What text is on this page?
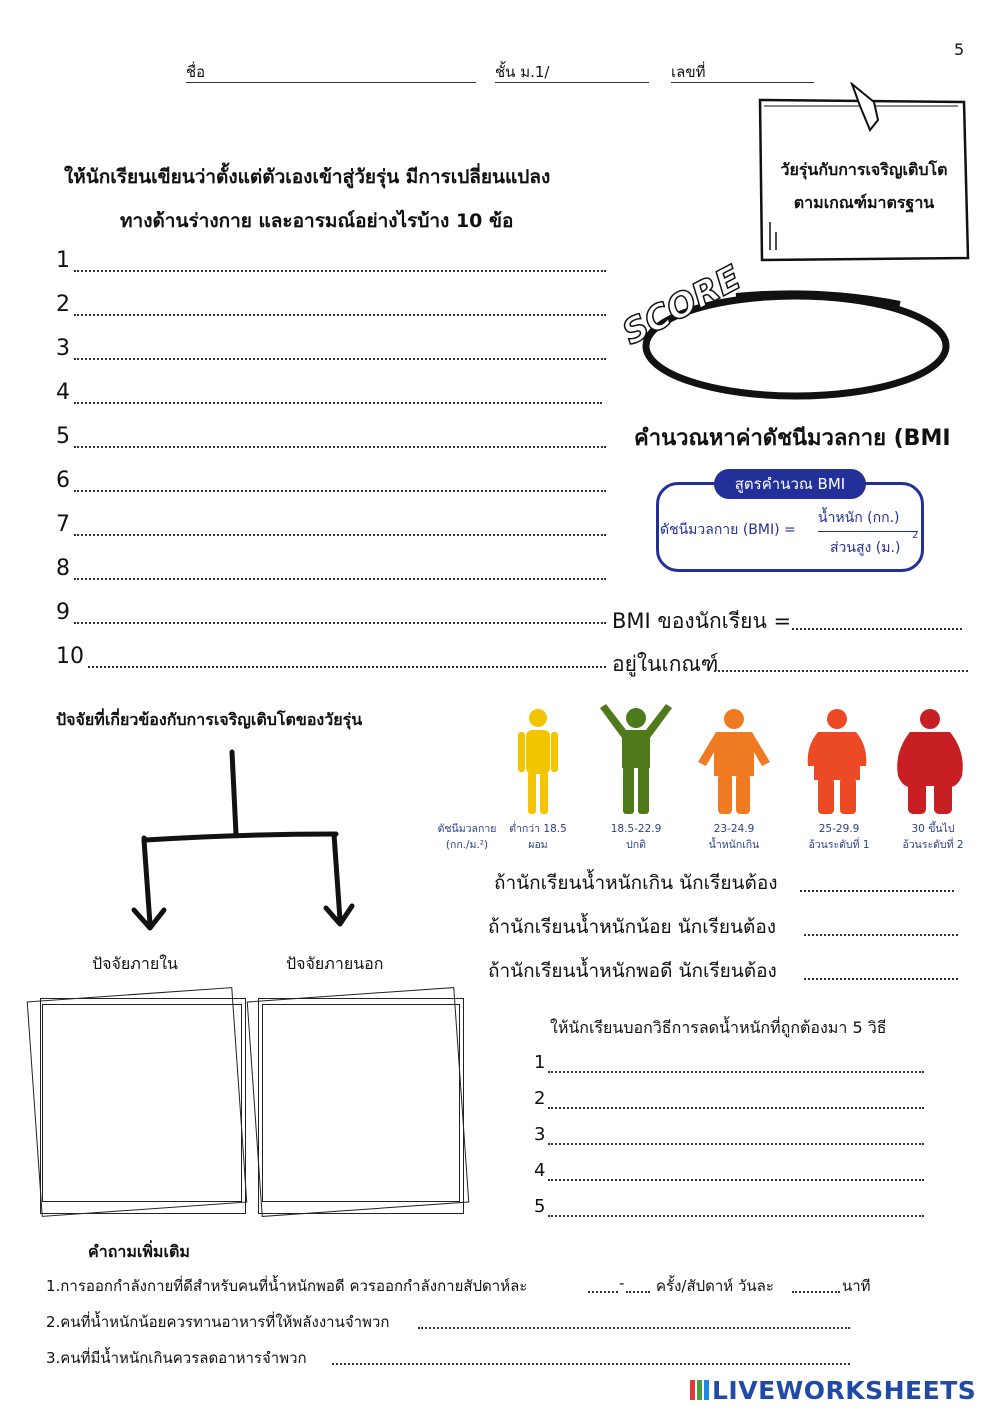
5
ชื่อ	ชั้น ม.1/	เลขที่
วัยรุ่นกับการเจริญเติบโต
ตามเกณฑ์มาตรฐาน
SCORE
ให้นักเรียนเขียนว่าตั้งแต่ตัวเองเข้าสู่วัยรุ่น มีการเปลี่ยนแปลง
ทางด้านร่างกาย และอารมณ์อย่างไรบ้าง 10 ข้อ
1
2
3
4
5
6
7
8
9
10
คำนวณหาค่าดัชนีมวลกาย (BMI
สูตรคำนวณ BMI
ดัชนีมวลกาย (BMI) =
น้ำหนัก (กก.)
ส่วนสูง (ม.)
2
BMI ของนักเรียน =
อยู่ในเกณฑ์
ปัจจัยที่เกี่ยวข้องกับการเจริญเติบโตของวัยรุ่น
ปัจจัยภายใน	ปัจจัยภายนอก
ดัชนีมวลกาย
(กก./ม.²)
ต่ำกว่า 18.5
ผอม
18.5-22.9
ปกติ
23-24.9
น้ำหนักเกิน
25-29.9
อ้วนระดับที่ 1
30 ขึ้นไป
อ้วนระดับที่ 2
ถ้านักเรียนน้ำหนักเกิน นักเรียนต้อง
ถ้านักเรียนน้ำหนักน้อย นักเรียนต้อง
ถ้านักเรียนน้ำหนักพอดี นักเรียนต้อง
ให้นักเรียนบอกวิธีการลดน้ำหนักที่ถูกต้องมา 5 วิธี
1
2
3
4
5
คำถามเพิ่มเติม
1.การออกกำลังกายที่ดีสำหรับคนที่น้ำหนักพอดี ควรออกกำลังกายสัปดาห์ละ	- ครั้ง/สัปดาห์ วันละ	นาที
2.คนที่น้ำหนักน้อยควรทานอาหารที่ให้พลังงานจำพวก
3.คนที่มีน้ำหนักเกินควรลดอาหารจำพวก
LIVEWORKSHEETS
